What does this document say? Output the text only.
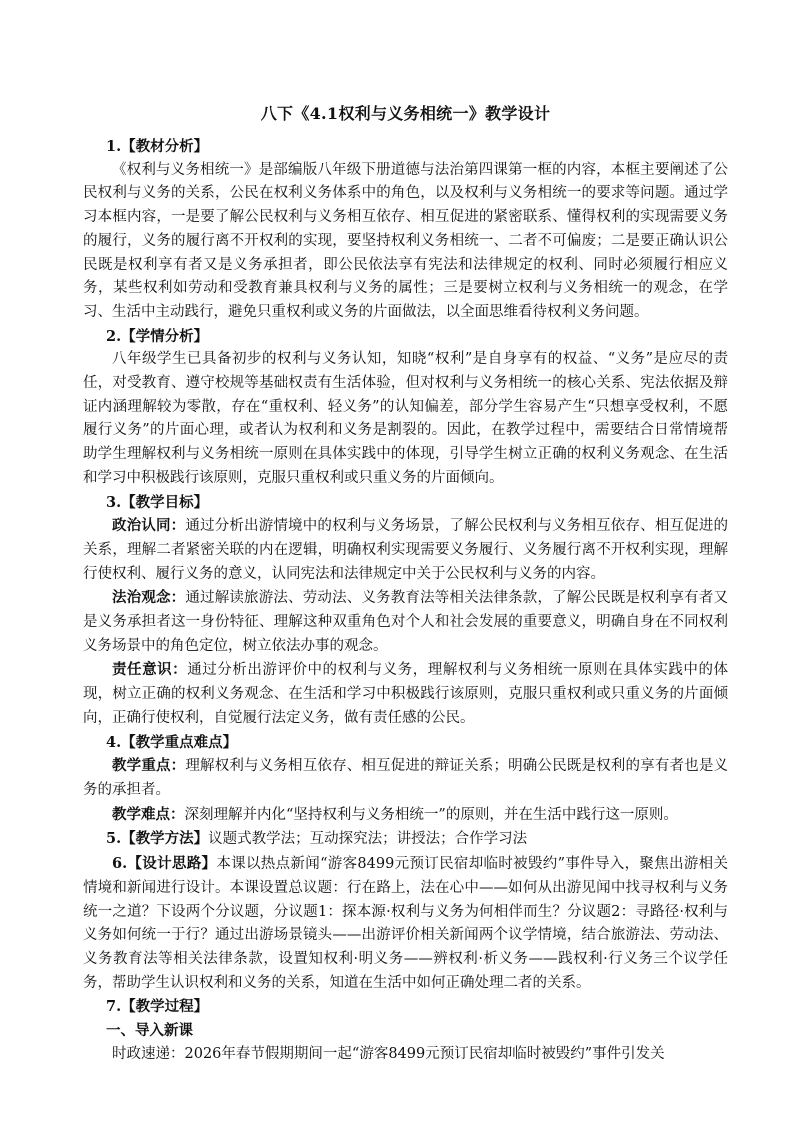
八下《4.1权利与义务相统一》教学设计
1.【教材分析】
《权利与义务相统一》是部编版八年级下册道德与法治第四课第一框的内容，本框主要阐述了公民权利与义务的关系，公民在权利义务体系中的角色，以及权利与义务相统一的要求等问题。通过学习本框内容，一是要了解公民权利与义务相互依存、相互促进的紧密联系、懂得权利的实现需要义务的履行，义务的履行离不开权利的实现，要坚持权利义务相统一、二者不可偏废；二是要正确认识公民既是权利享有者又是义务承担者，即公民依法享有宪法和法律规定的权利、同时必须履行相应义务，某些权利如劳动和受教育兼具权利与义务的属性；三是要树立权利与义务相统一的观念，在学习、生活中主动践行，避免只重权利或义务的片面做法，以全面思维看待权利义务问题。
2.【学情分析】
八年级学生已具备初步的权利与义务认知，知晓“权利”是自身享有的权益、“义务”是应尽的责任，对受教育、遵守校规等基础权责有生活体验，但对权利与义务相统一的核心关系、宪法依据及辩证内涵理解较为零散，存在“重权利、轻义务”的认知偏差，部分学生容易产生“只想享受权利，不愿履行义务”的片面心理，或者认为权利和义务是割裂的。因此，在教学过程中，需要结合日常情境帮助学生理解权利与义务相统一原则在具体实践中的体现，引导学生树立正确的权利义务观念、在生活和学习中积极践行该原则，克服只重权利或只重义务的片面倾向。
3.【教学目标】
政治认同：通过分析出游情境中的权利与义务场景，了解公民权利与义务相互依存、相互促进的关系，理解二者紧密关联的内在逻辑，明确权利实现需要义务履行、义务履行离不开权利实现，理解行使权利、履行义务的意义，认同宪法和法律规定中关于公民权利与义务的内容。
法治观念：通过解读旅游法、劳动法、义务教育法等相关法律条款，了解公民既是权利享有者又是义务承担者这一身份特征、理解这种双重角色对个人和社会发展的重要意义，明确自身在不同权利义务场景中的角色定位，树立依法办事的观念。
责任意识：通过分析出游评价中的权利与义务，理解权利与义务相统一原则在具体实践中的体现，树立正确的权利义务观念、在生活和学习中积极践行该原则，克服只重权利或只重义务的片面倾向，正确行使权利，自觉履行法定义务，做有责任感的公民。
4.【教学重点难点】
教学重点：理解权利与义务相互依存、相互促进的辩证关系；明确公民既是权利的享有者也是义务的承担者。
教学难点：深刻理解并内化“坚持权利与义务相统一”的原则，并在生活中践行这一原则。
5.【教学方法】议题式教学法；互动探究法；讲授法；合作学习法
6.【设计思路】本课以热点新闻“游客8499元预订民宿却临时被毁约”事件导入，聚焦出游相关情境和新闻进行设计。本课设置总议题：行在路上，法在心中——如何从出游见闻中找寻权利与义务统一之道？下设两个分议题，分议题1：探本源·权利与义务为何相伴而生？分议题2：寻路径·权利与义务如何统一于行？通过出游场景镜头——出游评价相关新闻两个议学情境，结合旅游法、劳动法、义务教育法等相关法律条款，设置知权利·明义务——辨权利·析义务——践权利·行义务三个议学任务，帮助学生认识权利和义务的关系，知道在生活中如何正确处理二者的关系。
7.【教学过程】
一、导入新课
时政速递：2026年春节假期期间一起“游客8499元预订民宿却临时被毁约”事件引发关
